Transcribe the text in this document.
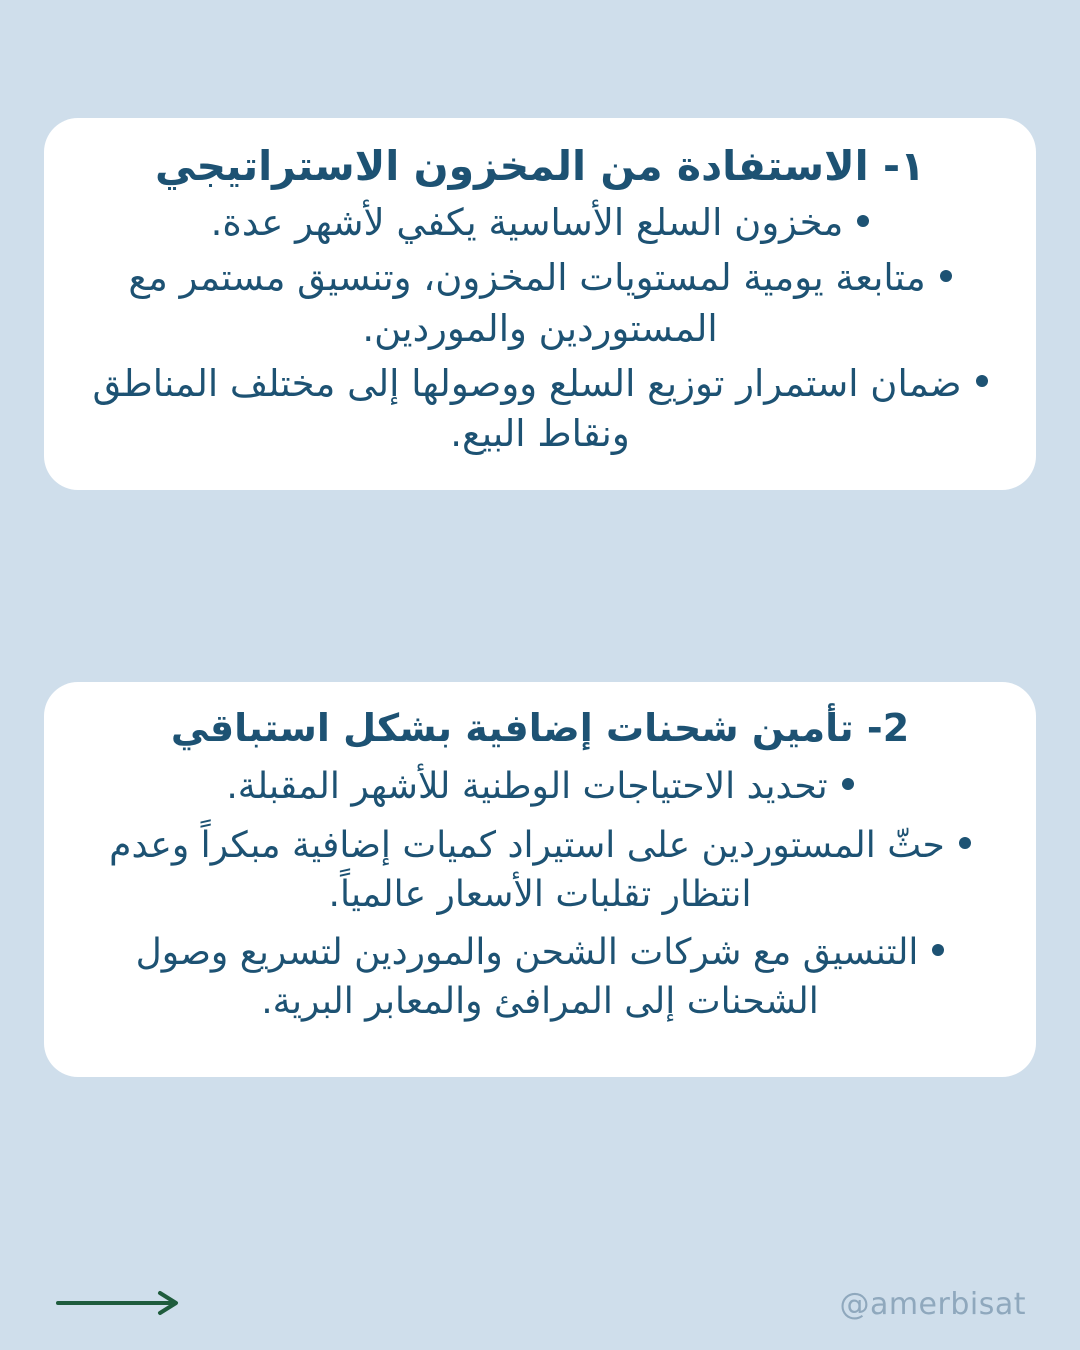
١- الاستفادة من المخزون الاستراتيجي
مخزون السلع الأساسية يكفي لأشهر عدة.
متابعة يومية لمستويات المخزون، وتنسيق مستمر مع المستوردين والموردين.
ضمان استمرار توزيع السلع ووصولها إلى مختلف المناطق ونقاط البيع.
2- تأمين شحنات إضافية بشكل استباقي
تحديد الاحتياجات الوطنية للأشهر المقبلة.
حثّ المستوردين على استيراد كميات إضافية مبكراً وعدم انتظار تقلبات الأسعار عالمياً.
التنسيق مع شركات الشحن والموردين لتسريع وصول الشحنات إلى المرافئ والمعابر البرية.
@amerbisat
